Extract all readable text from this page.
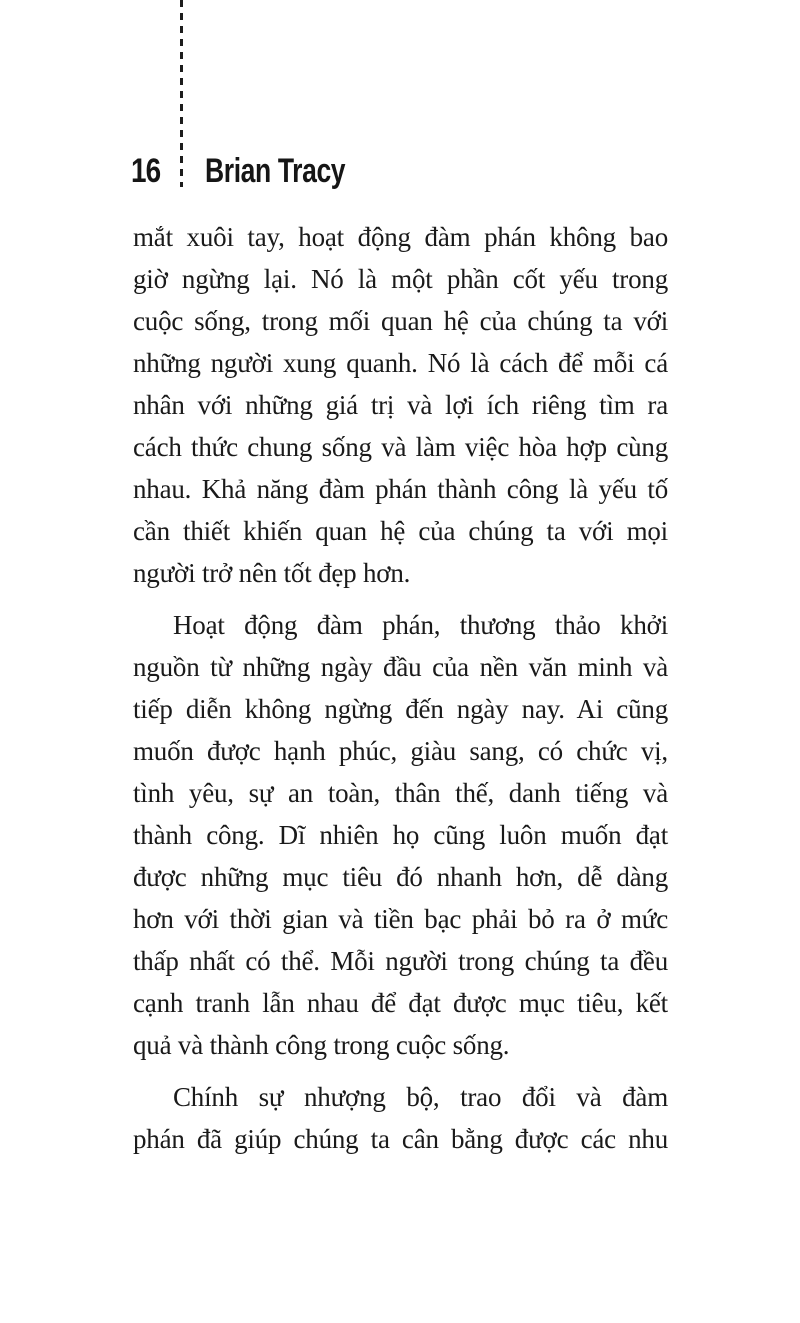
16 Brian Tracy
mắt xuôi tay, hoạt động đàm phán không bao
giờ ngừng lại. Nó là một phần cốt yếu trong
cuộc sống, trong mối quan hệ của chúng ta với
những người xung quanh. Nó là cách để mỗi cá
nhân với những giá trị và lợi ích riêng tìm ra
cách thức chung sống và làm việc hòa hợp cùng
nhau. Khả năng đàm phán thành công là yếu tố
cần thiết khiến quan hệ của chúng ta với mọi
người trở nên tốt đẹp hơn.
Hoạt động đàm phán, thương thảo khởi
nguồn từ những ngày đầu của nền văn minh và
tiếp diễn không ngừng đến ngày nay. Ai cũng
muốn được hạnh phúc, giàu sang, có chức vị,
tình yêu, sự an toàn, thân thế, danh tiếng và
thành công. Dĩ nhiên họ cũng luôn muốn đạt
được những mục tiêu đó nhanh hơn, dễ dàng
hơn với thời gian và tiền bạc phải bỏ ra ở mức
thấp nhất có thể. Mỗi người trong chúng ta đều
cạnh tranh lẫn nhau để đạt được mục tiêu, kết
quả và thành công trong cuộc sống.
Chính sự nhượng bộ, trao đổi và đàm
phán đã giúp chúng ta cân bằng được các nhu
